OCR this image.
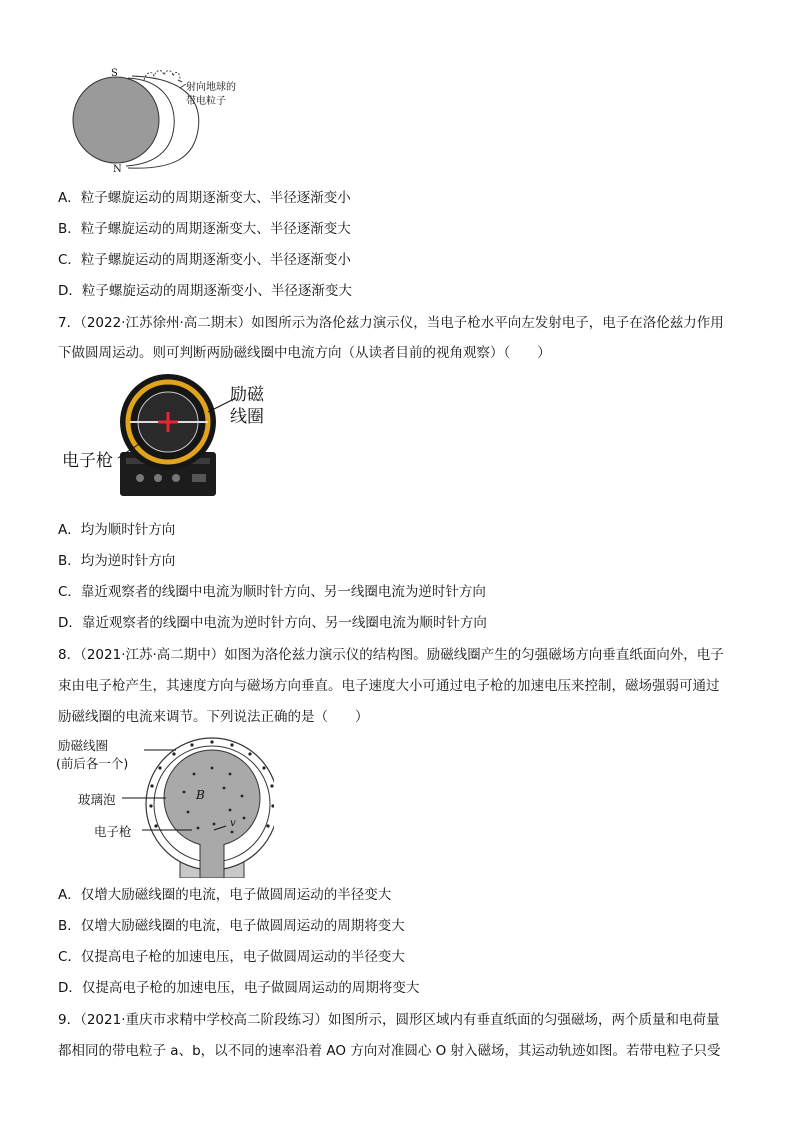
S
N
射向地球的
带电粒子
A．粒子螺旋运动的周期逐渐变大、半径逐渐变小
B．粒子螺旋运动的周期逐渐变大、半径逐渐变大
C．粒子螺旋运动的周期逐渐变小、半径逐渐变小
D．粒子螺旋运动的周期逐渐变小、半径逐渐变大
7．（2022·江苏徐州·高二期末）如图所示为洛伦兹力演示仪，当电子枪水平向左发射电子，电子在洛伦兹力作用
下做圆周运动。则可判断两励磁线圈中电流方向（从读者目前的视角观察）（　　）
励磁
线圈
电子枪
A．均为顺时针方向
B．均为逆时针方向
C．靠近观察者的线圈中电流为顺时针方向、另一线圈电流为逆时针方向
D．靠近观察者的线圈中电流为逆时针方向、另一线圈电流为顺时针方向
8．（2021·江苏·高二期中）如图为洛伦兹力演示仪的结构图。励磁线圈产生的匀强磁场方向垂直纸面向外，电子
束由电子枪产生，其速度方向与磁场方向垂直。电子速度大小可通过电子枪的加速电压来控制，磁场强弱可通过
励磁线圈的电流来调节。下列说法正确的是（　　）
励磁线圈
(前后各一个)
玻璃泡
电子枪
B
v
A．仅增大励磁线圈的电流，电子做圆周运动的半径变大
B．仅增大励磁线圈的电流，电子做圆周运动的周期将变大
C．仅提高电子枪的加速电压，电子做圆周运动的半径变大
D．仅提高电子枪的加速电压，电子做圆周运动的周期将变大
9．（2021·重庆市求精中学校高二阶段练习）如图所示，圆形区域内有垂直纸面的匀强磁场，两个质量和电荷量
都相同的带电粒子 a、b，以不同的速率沿着 AO 方向对准圆心 O 射入磁场，其运动轨迹如图。若带电粒子只受
